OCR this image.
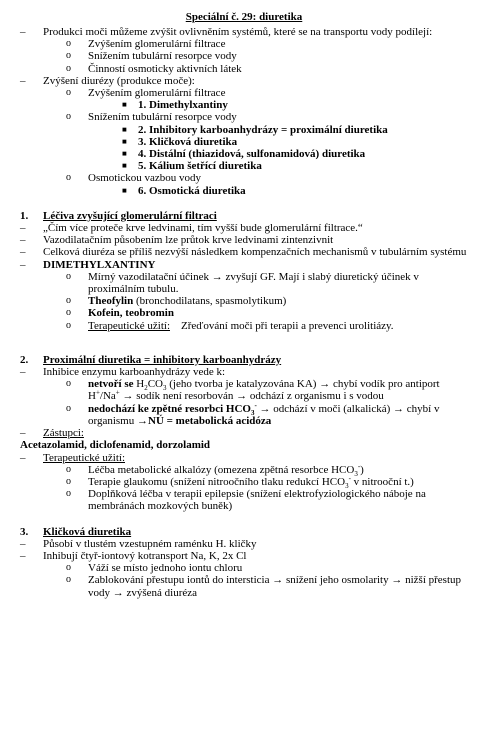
Speciální č. 29: diuretika
–	Produkci moči můžeme zvýšit ovlivněním systémů, které se na transportu vody podílejí:
o	Zvýšením glomerulární filtrace
o	Snížením tubulární resorpce vody
o	Činností osmoticky aktivních látek
–	Zvýšení diurézy (produkce moče):
o	Zvýšením glomerulární filtrace
■	1. Dimethylxantiny
o	Snížením tubulární resorpce vody
■	2. Inhibitory karboanhydrázy = proximální diuretika
■	3. Kličková diuretika
■	4. Distální (thiazidová, sulfonamidová) diuretika
■	5. Kálium šetřící diuretika
o	Osmotickou vazbou vody
■	6. Osmotická diuretika
1.	Léčiva zvyšující glomerulární filtraci
–	„Čím více proteče krve ledvinami, tím vyšší bude glomerulární filtrace.“
–	Vazodilatačním působením lze průtok krve ledvinami zintenzivnit
–	Celková diuréza se příliš nezvýší následkem kompenzačních mechanismů v tubulárním systému
–	DIMETHYLXANTINY
o	Mírný vazodilatační účinek → zvyšují GF. Mají i slabý diuretický účinek v proximálním tubulu.
o	Theofylin (bronchodilatans, spasmolytikum)
o	Kofein, teobromin
o	Terapeutické užití: Zřeďování moči při terapii a prevenci urolitiázy.
2.	Proximální diuretika = inhibitory karboanhydrázy
–	Inhibice enzymu karboanhydrázy vede k:
o	netvoří se $H_2CO_3$ (jeho tvorba je katalyzována KA) → chybí vodík pro antiport H+/Na+ → sodík není resorbován → odchází z organismu i s vodou
o	nedochází ke zpětné resorbci $HCO_3^-$ → odchází v moči (alkalická) → chybí v organismu →NÚ = metabolická acidóza
–	Zástupci:
Acetazolamid, diclofenamid, dorzolamid
–	Terapeutické užití:
o	Léčba metabolické alkalózy (omezena zpětná resorbce $HCO_3^-$)
o	Terapie glaukomu (snížení nitroočního tlaku redukcí $HCO_3^-$ v nitrooční t.)
o	Doplňková léčba v terapii epilepsie (snížení elektrofyziologického náboje na membránách mozkových buněk)
3.	Kličková diuretika
–	Působí v tlustém vzestupném raménku H. kličky
–	Inhibují čtyř-iontový kotransport Na, K, 2x Cl
o	Váží se místo jednoho iontu chloru
o	Zablokování přestupu iontů do intersticia → snížení jeho osmolarity → nižší přestup vody → zvýšená diuréza
